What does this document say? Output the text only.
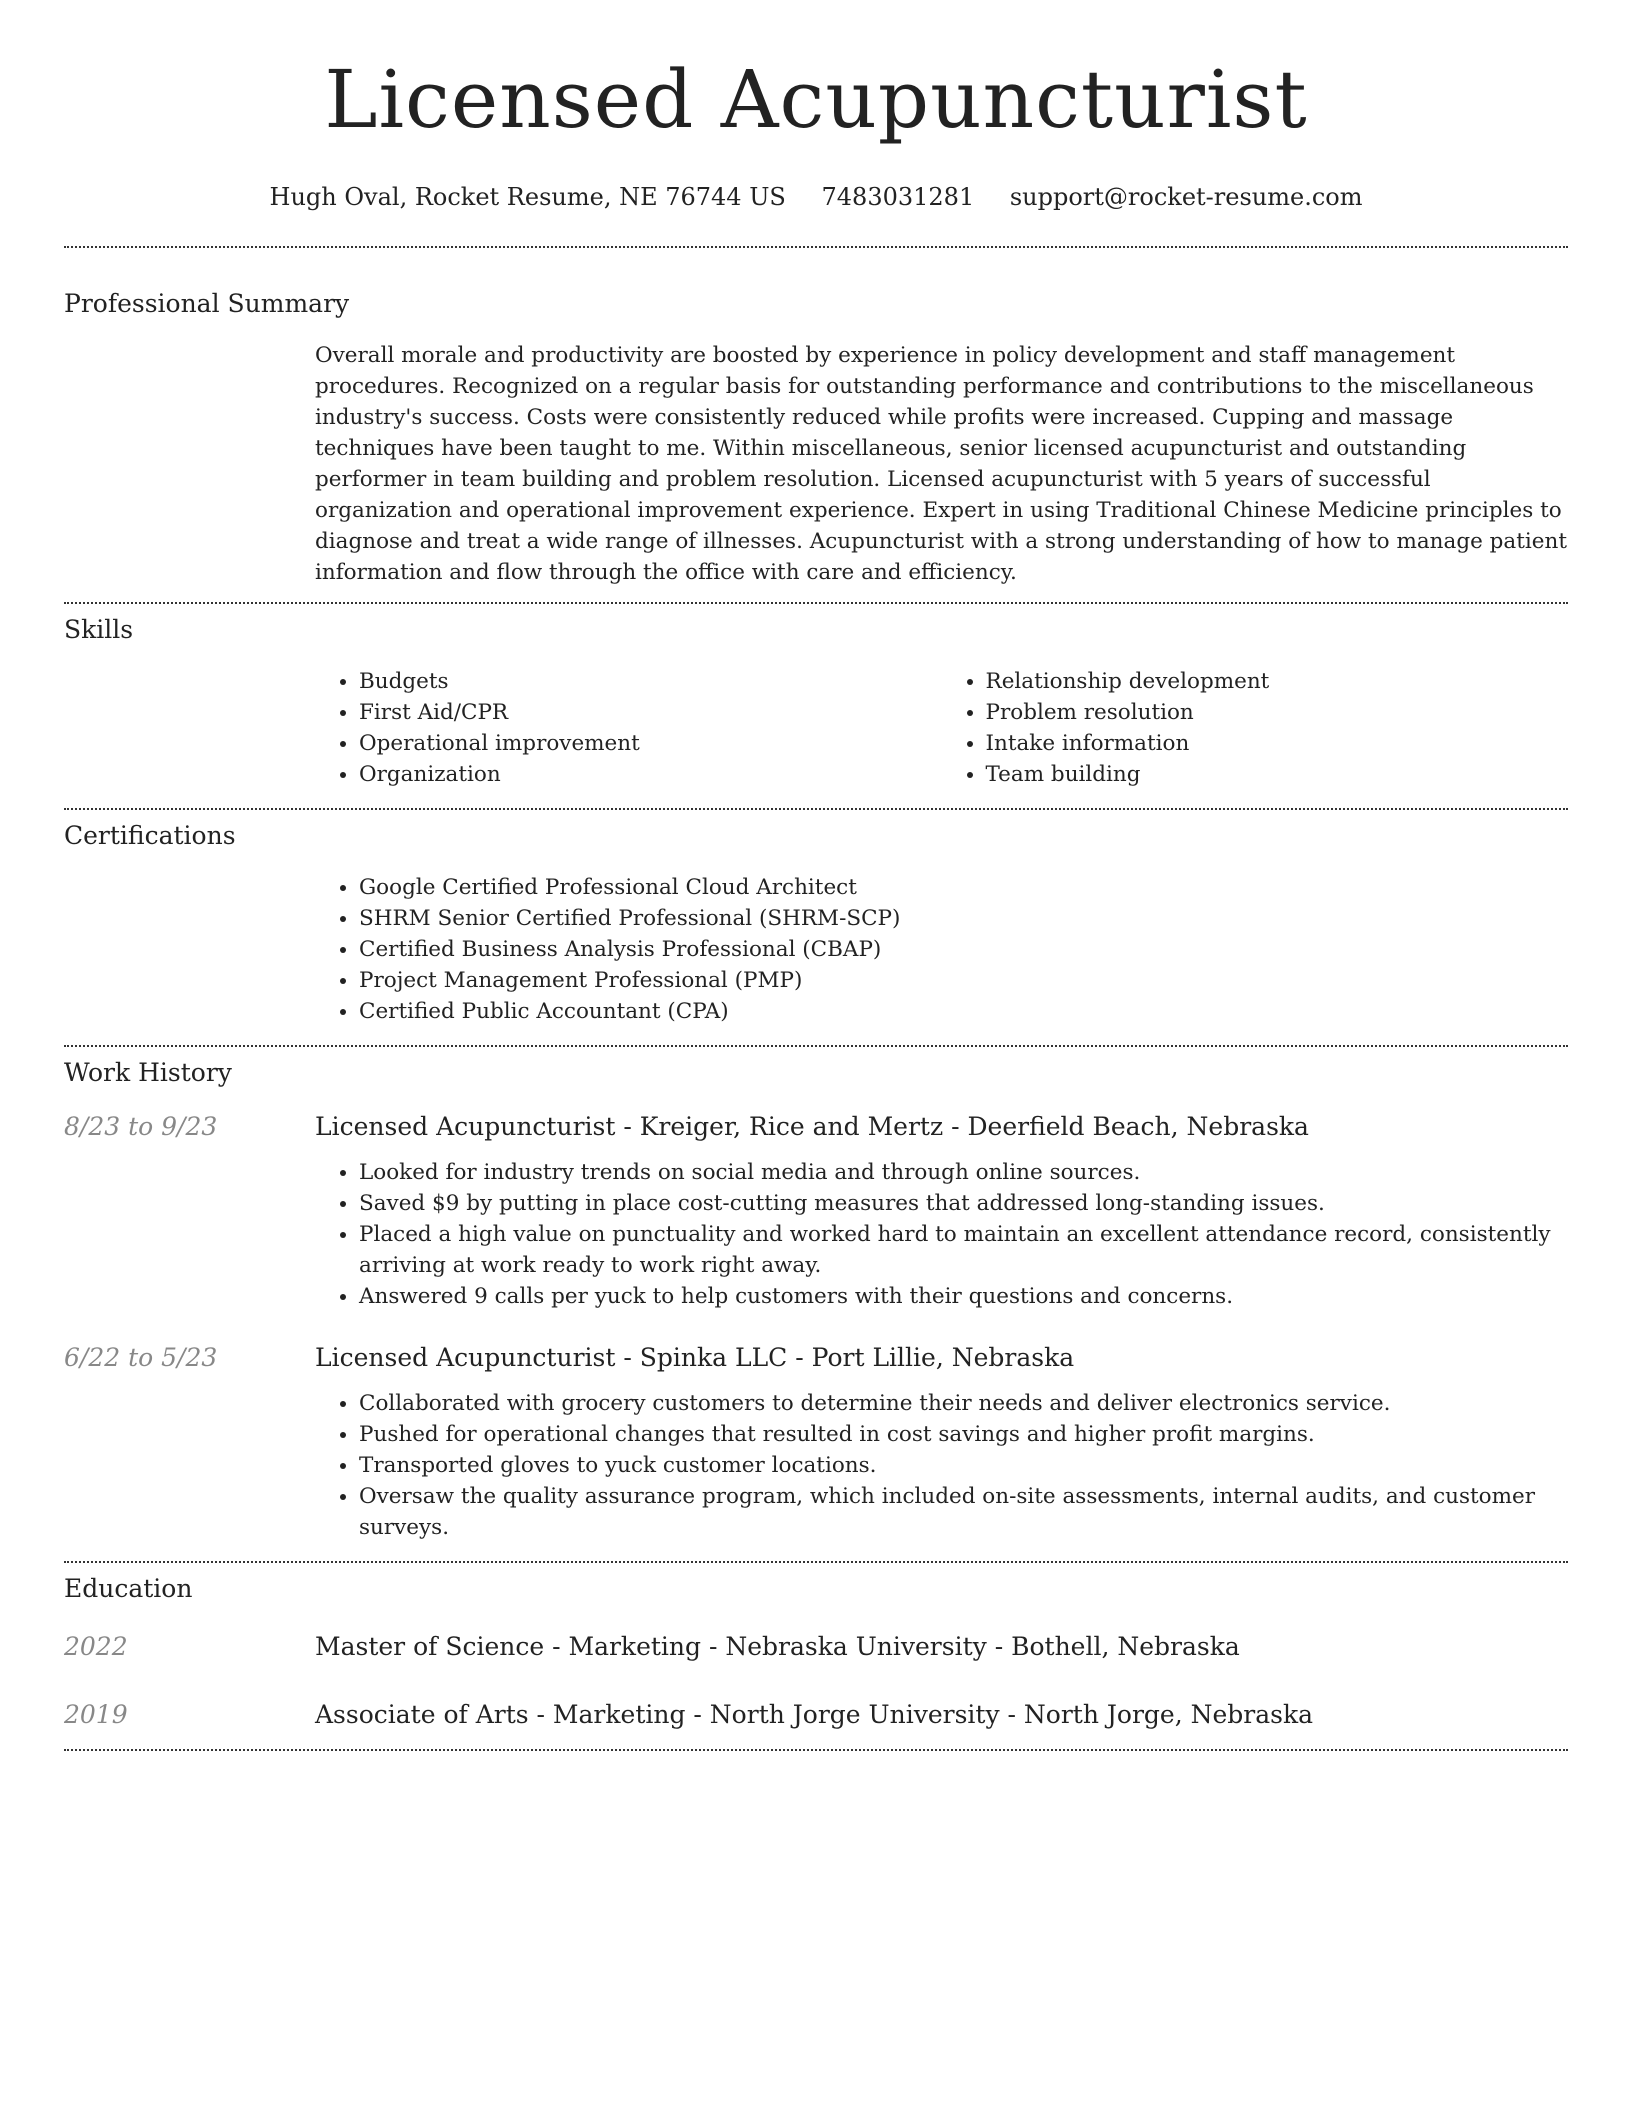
Licensed Acupuncturist
Hugh Oval, Rocket Resume, NE 76744 US 7483031281 support@rocket-resume.com
Professional Summary
Overall morale and productivity are boosted by experience in policy development and staff management procedures. Recognized on a regular basis for outstanding performance and contributions to the miscellaneous industry's success. Costs were consistently reduced while profits were increased. Cupping and massage techniques have been taught to me. Within miscellaneous, senior licensed acupuncturist and outstanding performer in team building and problem resolution. Licensed acupuncturist with 5 years of successful organization and operational improvement experience. Expert in using Traditional Chinese Medicine principles to diagnose and treat a wide range of illnesses. Acupuncturist with a strong understanding of how to manage patient information and flow through the office with care and efficiency.
Skills
• Budgets
• First Aid/CPR
• Operational improvement
• Organization
• Relationship development
• Problem resolution
• Intake information
• Team building
Certifications
• Google Certified Professional Cloud Architect
• SHRM Senior Certified Professional (SHRM-SCP)
• Certified Business Analysis Professional (CBAP)
• Project Management Professional (PMP)
• Certified Public Accountant (CPA)
Work History
8/23 to 9/23	Licensed Acupuncturist - Kreiger, Rice and Mertz - Deerfield Beach, Nebraska
• Looked for industry trends on social media and through online sources.
• Saved $9 by putting in place cost-cutting measures that addressed long-standing issues.
• Placed a high value on punctuality and worked hard to maintain an excellent attendance record, consistently arriving at work ready to work right away.
• Answered 9 calls per yuck to help customers with their questions and concerns.
6/22 to 5/23	Licensed Acupuncturist - Spinka LLC - Port Lillie, Nebraska
• Collaborated with grocery customers to determine their needs and deliver electronics service.
• Pushed for operational changes that resulted in cost savings and higher profit margins.
• Transported gloves to yuck customer locations.
• Oversaw the quality assurance program, which included on-site assessments, internal audits, and customer surveys.
Education
2022	Master of Science - Marketing - Nebraska University - Bothell, Nebraska
2019	Associate of Arts - Marketing - North Jorge University - North Jorge, Nebraska
